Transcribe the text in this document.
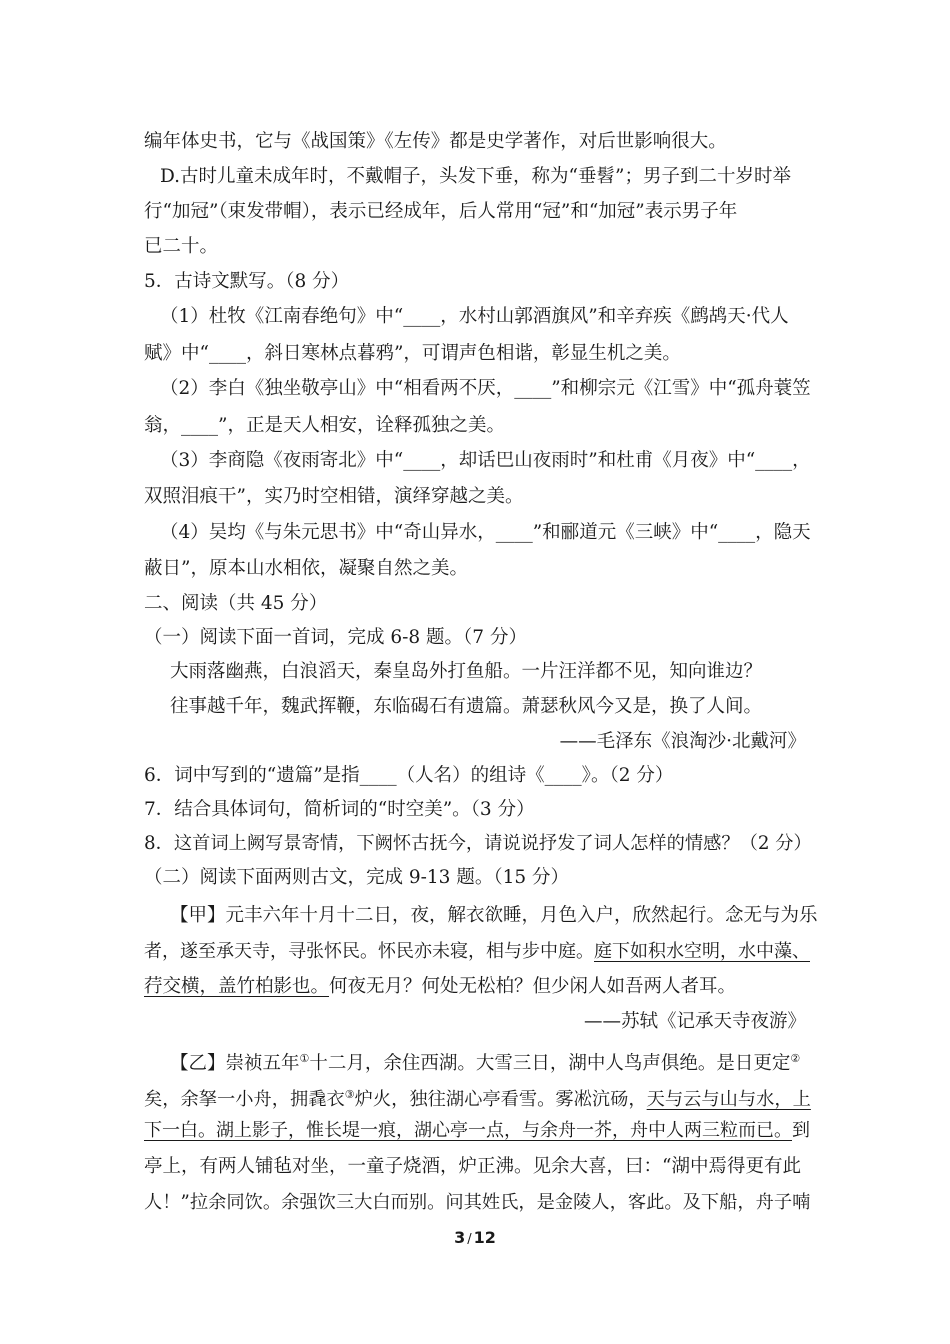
编年体史书，它与《战国策》《左传》都是史学著作，对后世影响很大。
D.古时儿童未成年时，不戴帽子，头发下垂，称为“垂髫”；男子到二十岁时举
行“加冠”（束发带帽），表示已经成年，后人常用“冠”和“加冠”表示男子年
已二十。
5．古诗文默写。（8 分）
（1）杜牧《江南春绝句》中“____，水村山郭酒旗风”和辛弃疾《鹧鸪天·代人
赋》中“____，斜日寒林点暮鸦”，可谓声色相谐，彰显生机之美。
（2）李白《独坐敬亭山》中“相看两不厌，____”和柳宗元《江雪》中“孤舟蓑笠
翁，____”，正是天人相安，诠释孤独之美。
（3）李商隐《夜雨寄北》中“____，却话巴山夜雨时”和杜甫《月夜》中“____，
双照泪痕干”，实乃时空相错，演绎穿越之美。
（4）吴均《与朱元思书》中“奇山异水，____”和郦道元《三峡》中“____，隐天
蔽日”，原本山水相依，凝聚自然之美。
二、阅读（共 45 分）
（一）阅读下面一首词，完成 6-8 题。（7 分）
大雨落幽燕，白浪滔天，秦皇岛外打鱼船。一片汪洋都不见，知向谁边？
往事越千年，魏武挥鞭，东临碣石有遗篇。萧瑟秋风今又是，换了人间。
——毛泽东《浪淘沙·北戴河》
6．词中写到的“遗篇”是指____（人名）的组诗《____》。（2 分）
7．结合具体词句，简析词的“时空美”。（3 分）
8．这首词上阙写景寄情，下阙怀古抚今，请说说抒发了词人怎样的情感？（2 分）
（二）阅读下面两则古文，完成 9-13 题。（15 分）
【甲】元丰六年十月十二日，夜，解衣欲睡，月色入户，欣然起行。念无与为乐
者，遂至承天寺，寻张怀民。怀民亦未寝，相与步中庭。庭下如积水空明，水中藻、
荇交横，盖竹柏影也。何夜无月？何处无松柏？但少闲人如吾两人者耳。
——苏轼《记承天寺夜游》
【乙】崇祯五年①十二月，余住西湖。大雪三日，湖中人鸟声俱绝。是日更定②
矣，余拏一小舟，拥毳衣③炉火，独往湖心亭看雪。雾凇沆砀，天与云与山与水，上
下一白。湖上影子，惟长堤一痕，湖心亭一点，与余舟一芥，舟中人两三粒而已。到
亭上，有两人铺毡对坐，一童子烧酒，炉正沸。见余大喜，曰：“湖中焉得更有此
人！”拉余同饮。余强饮三大白而别。问其姓氏，是金陵人，客此。及下船，舟子喃
3 / 12
